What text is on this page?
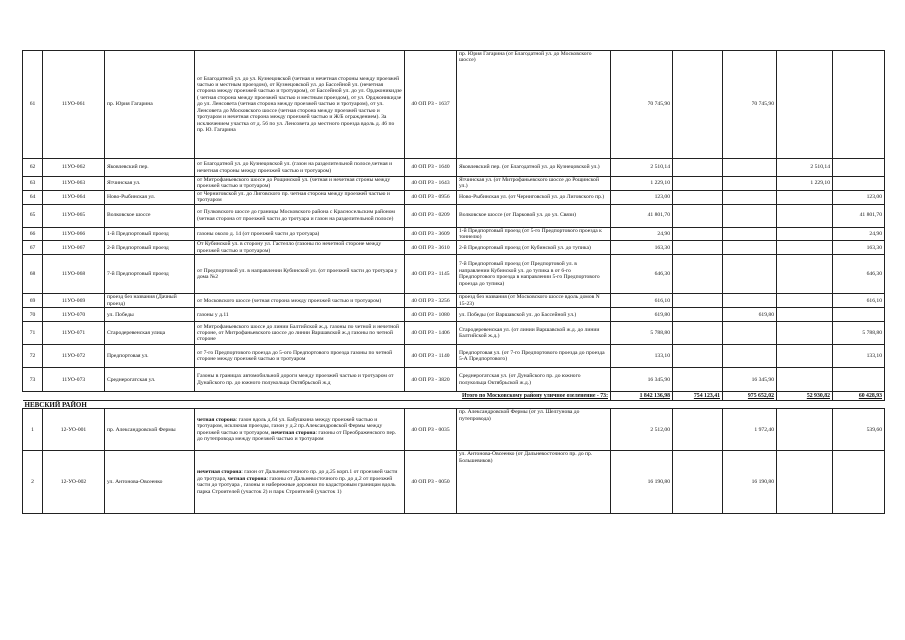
61	11УО-061	пр. Юрия Гагарина	от Благодатной ул. до ул. Кузнецовской (четная и нечетная стороны между проезжей частью и местным проездом), от Кузнецовской ул. до Бассейной ул. (нечетная сторона между проезжей частью и тротуаром), от Бассейной ул. до ул. Орджоникидзе ( четная сторона между проезжей частью и местным проездом), от ул. Орджоникидзе до ул. Ленсовета (четная сторона между проезжей частью и тротуаром), от ул. Ленсовета до Московского шоссе (четная сторона между проезжей частью и тротуаром и нечетная сторона между проезжей частью и Ж/Б ограждением). За исключением участка от д. 56 по ул. Ленсовета до местного проезда вдоль д. 46 по пр. Ю. Гагарина	40 ОП РЗ - 1637	пр. Юрия Гагарина (от Благодатной ул. до Московского шоссе)	70 745,90		70 745,90		
62	11УО-062	Яковлевский пер.	от Благодатной ул. до Кузнецовской ул. (газон на разделительной полосе,четная и нечетная стороны между проезжей частью и тротуаром)	40 ОП РЗ - 1640	Яковлевский пер. (от Благодатной ул. до Кузнецовской ул.)	2 510,14			2 510,14	
63	11УО-063	Ятчинская ул.	от Митрофаньевского шоссе до Рощинской ул. (четная и нечетная строны между проезжей частью и тротуаром)	40 ОП РЗ - 1643	Ятчинская ул. (от Митрофаньевского шоссе до Рощинской ул.)	1 229,10			1 229,10	
64	11УО-064	Ново-Рыбинская ул.	от Черниговской ул. до Лиговского пр. четная сторона между проезжей частью и тротуаром	40 ОП РЗ - 0956	Ново-Рыбинская ул. (от Черниговской ул. до Лиговского пр.)	123,00				123,00
65	11УО-065	Волковское шоссе	от Пулковского шоссе до границы Московского района с Красносельским районом (четная сторона от проезжей части до тротуара и газон на разделительной полосе)	40 ОП РЗ - 0209	Волковское шоссе (от Парковой ул. до ул. Связи)	41 801,70				41 801,70
66	11УО-066	1-й Предпортовый проезд	газоны около д. 14 (от проезжей части до тротуара)	40 ОП РЗ - 3609	1-й Предпортовый проезд (от 5-го Предпортового проезда к тоннелю)	24,90				24,90
67	11УО-067	2-й Предпортовый проезд	От Кубинской ул. в сторону ул. Гастелло (газоны по нечетной стороне между проезжей частью и тротуаром)	40 ОП РЗ - 3610	2-й Предпортовый проезд (от Кубинской ул. до тупика)	163,30				163,30
68	11УО-068	7-й Предпортовый проезд	от Предпортовой ул. в направлении Кубинской ул. (от проезжей части до тротуара у дома №2	40 ОП РЗ - 1145	7-й Предпортовый проезд (от Предпортовой ул. в направлении Кубинской ул. до тупика в от 6-го Предпортового проезда в направлении 5-го Предпортового проезда до тупика)	646,30				646,30
69	11УО-069	проезд без названия (Дачный проезд)	от Московского шоссе (четная сторона между проезжей частью и тротуаром)	40 ОП РЗ - 3256	проезд без названия (от Московского шоссе вдоль домов N 15-23)	616,10				616,10
70	11УО-070	ул. Победы	газоны у д.11	40 ОП РЗ - 1080	ул. Победы (от Варшавской ул. до Бассейной ул.)	619,80		619,80		
71	11УО-071	Стародеревенская улица	от Митрофаньевского шоссе до линии Балтийской ж.д. газоны по четной и нечетной стороне, от Митрофаньевского шоссе до линии Варшавской ж.д газоны по четной стороне	40 ОП РЗ - 1406	Стародеревенская ул. (от линии Варшавской ж.д. до линии Балтийской ж.д.)	5 788,80				5 788,80
72	11УО-072	Предпортовая ул.	от 7-го Предпортового проезда до 5-ого Предпортового проезда газоны по четной стороне между проезжей частью и тротуаром	40 ОП РЗ - 1140	Предпортовая ул. (от 7-го Предпортового проезда до проезда 5-А Предпортового)	133,10				133,10
73	11УО-073	Среднерогатская ул.	Газоны в границах автомобильной дороги между проезжей частью и тротуаром от Дунайского пр. до южного полукольца Октябрьской ж.д	40 ОП РЗ - 3820	Среднерогатская ул. (от Дунайского пр. до южного полукольца Октябрьской ж.д.)	16 345,90		16 345,90		
Итого по Московскому району уличное озеленение - 73:						1 842 136,98	754 123,41	975 652,02	52 930,82	60 428,93
НЕВСКИЙ РАЙОН										
1	12-УО-001	пр. Александровской Фермы	четная сторона: газон вдоль д.64 ул. Бабушкина между проезжей частью и тротуаром, исключая проезды, газон у д.2 пр.Александровской Фермы между проезжей частью и тротуаром, нечетная сторона: газоны от Преображенского пер. до путепровода между проезжей частью и тротуаром	40 ОП РЗ - 0035	пр. Александровской Фермы (от ул. Шелгунова до путепровода)	2 512,00		1 972,40		539,60
2	12-УО-002	ул. Антонова-Овсеенко	нечетная сторона: газон от Дальневосточного пр. до д.25 корп.1 от проезжей части до тротуара, четная сторона: газоны от Дальневосточного пр. до д.2 от проезжей части до тротуара , газоны и набережные дорожки по кадастровым границам вдоль парка Строителей (участок 2) и парк Строителей (участок 1)	40 ОП РЗ - 0050	ул. Антонова-Овсеенко (от Дальневосточного пр. до пр. Большевиков)	16 190,80		16 190,80		
